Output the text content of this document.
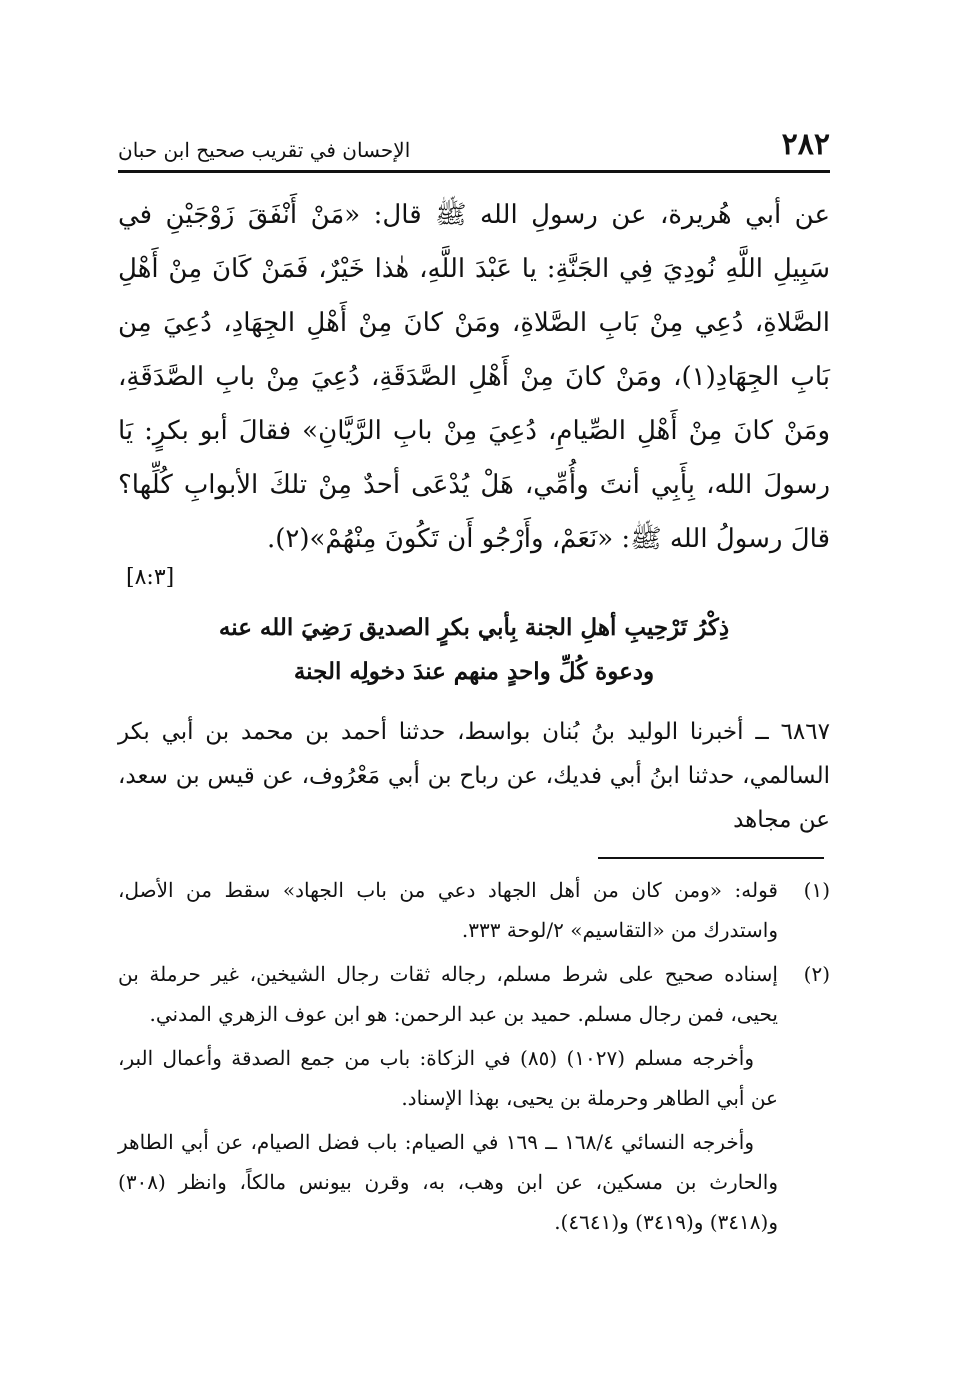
٢٨٢
الإحسان في تقريب صحيح ابن حبان

عن أبي هُريرة، عن رسولِ الله ﷺ قال: «مَنْ أَنْفَقَ زَوْجَيْنِ في سَبِيلِ اللَّهِ نُودِيَ فِي الجَنَّةِ: يا عَبْدَ اللَّهِ، هٰذا خَيْرٌ، فَمَنْ كَانَ مِنْ أَهْلِ الصَّلاةِ، دُعِي مِنْ بَابِ الصَّلاةِ، ومَنْ كانَ مِنْ أَهْلِ الجِهَادِ، دُعِيَ مِن بَابِ الجِهَادِ(١)، ومَنْ كانَ مِنْ أَهْلِ الصَّدَقَةِ، دُعِيَ مِنْ بابِ الصَّدَقَةِ، ومَنْ كانَ مِنْ أَهْلِ الصِّيامِ، دُعِيَ مِنْ بابِ الرَّيَّانِ» فقالَ أبو بكرٍ: يَا رسولَ الله، بِأَبِي أنتَ وأُمِّي، هَلْ يُدْعَى أحدٌ مِنْ تلكَ الأبوابِ كُلِّها؟ قالَ رسولُ الله ﷺ: «نَعَمْ، وأَرْجُو أَن تَكُونَ مِنْهُمْ»(٢).

[٨:٣]
ذِكْرُ تَرْحِيبِ أهلِ الجنة بِأبي بكرٍ الصديق رَضِيَ الله عنه
ودعوة كُلِّ واحدٍ منهم عندَ دخولِه الجنة

٦٨٦٧ ــ أخبرنا الوليد بنُ بُنان بواسط، حدثنا أحمد بن محمد بن أبي بكر السالمي، حدثنا ابنُ أبي فديك، عن رباح بن أبي مَعْرُوف، عن قيس بن سعد، عن مجاهد

(١)
قوله: «ومن كان من أهل الجهاد دعي من باب الجهاد» سقط من الأصل، واستدرك من «التقاسيم» ٢/لوحة ٣٣٣.
(٢)
إسناده صحيح على شرط مسلم، رجاله ثقات رجال الشيخين، غير حرملة بن يحيى، فمن رجال مسلم. حميد بن عبد الرحمن: هو ابن عوف الزهري المدني.
وأخرجه مسلم (١٠٢٧) (٨٥) في الزكاة: باب من جمع الصدقة وأعمال البر، عن أبي الطاهر وحرملة بن يحيى، بهذا الإسناد.
وأخرجه النسائي ١٦٨/٤ ــ ١٦٩ في الصيام: باب فضل الصيام، عن أبي الطاهر والحارث بن مسكين، عن ابن وهب، به، وقرن بيونس مالكاً، وانظر (٣٠٨) و(٣٤١٨) و(٣٤١٩) و(٤٦٤١).
